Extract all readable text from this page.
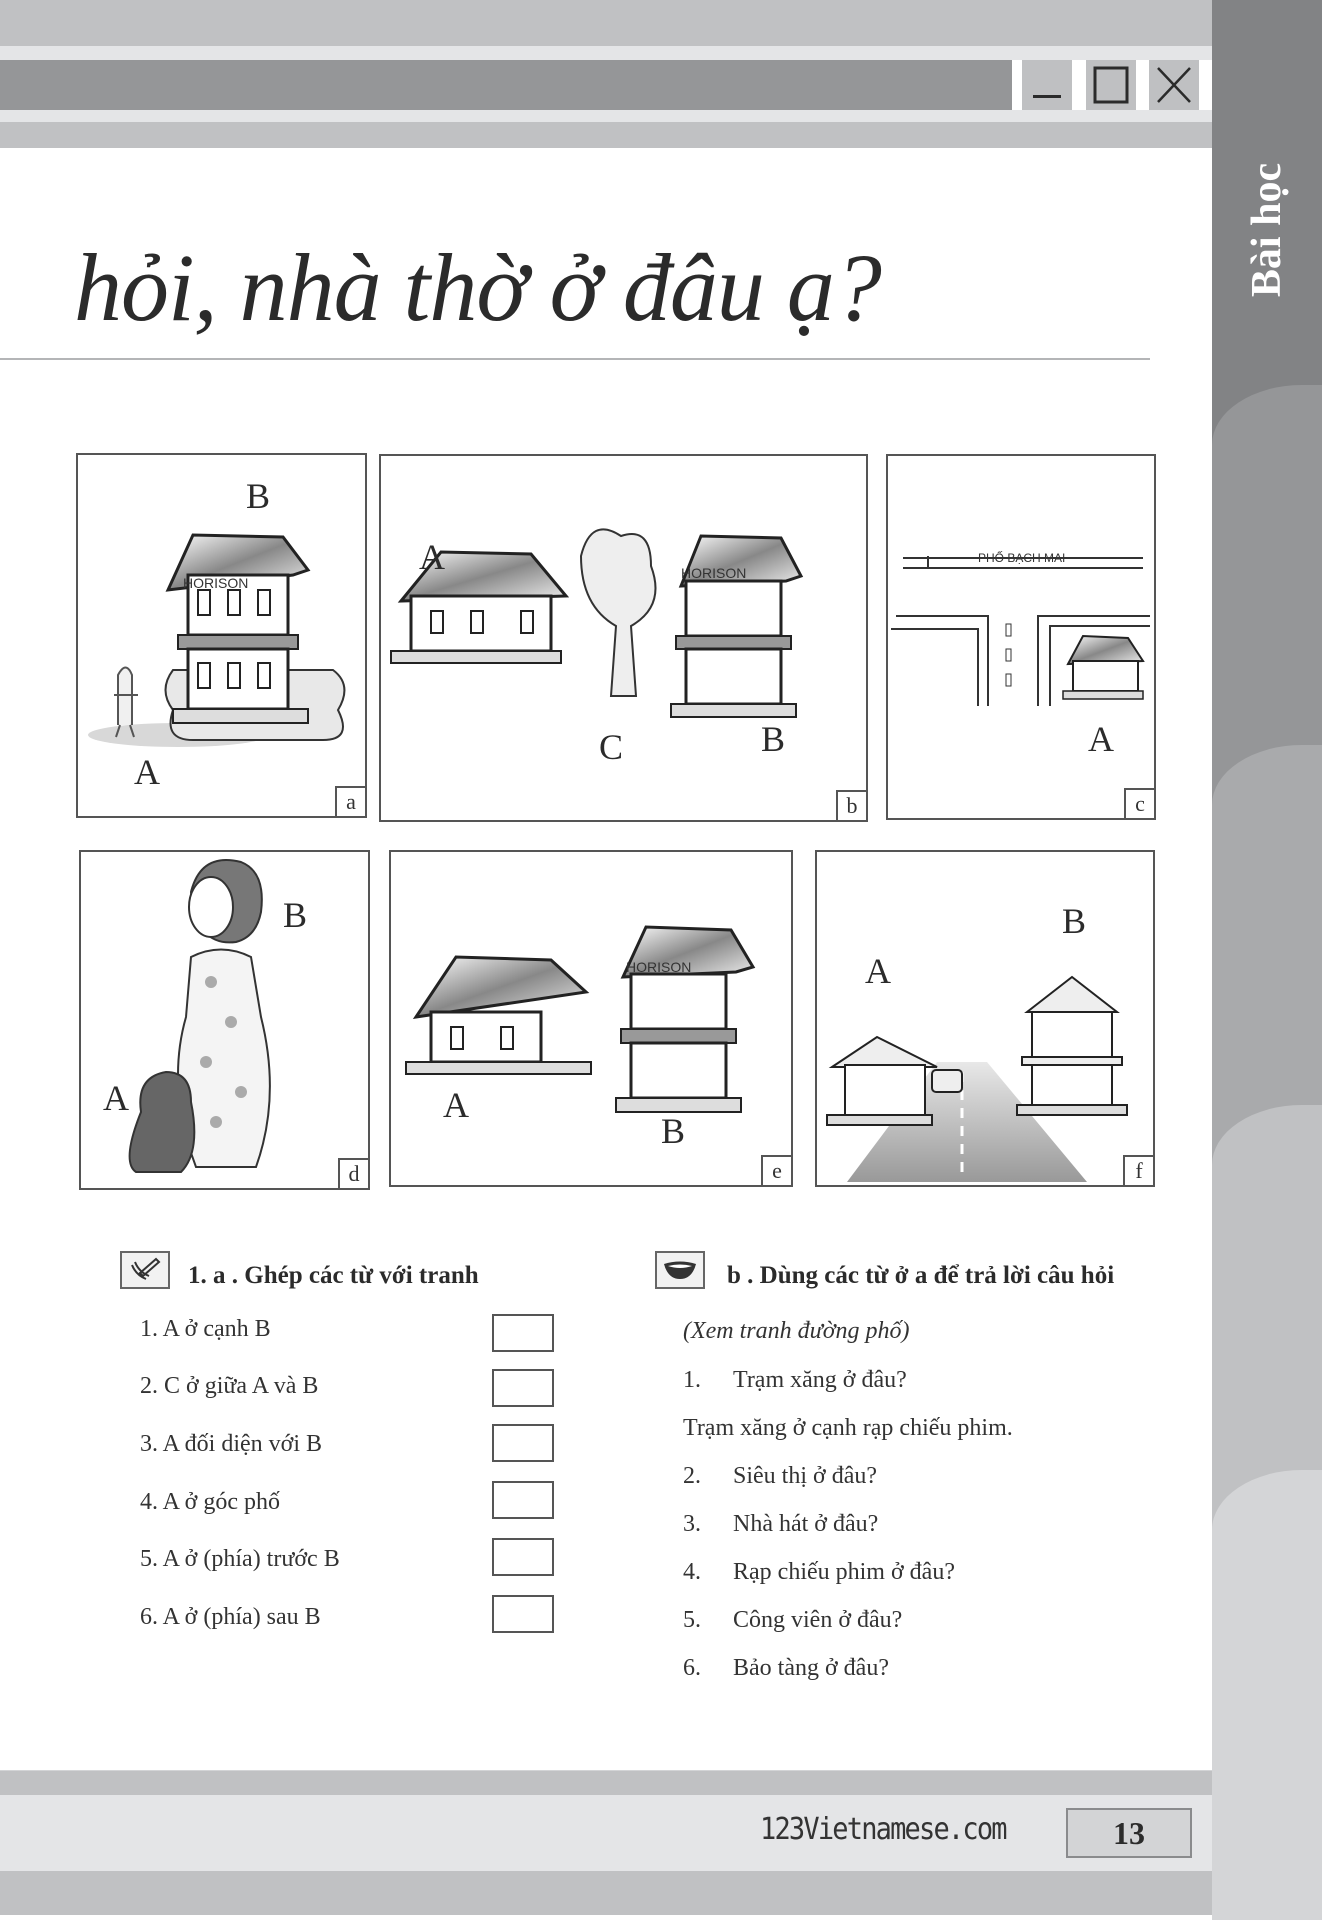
Bài học
hỏi, nhà thờ ở đâu ạ?
HORISON
B
A
a
HORISON
A
C	B
b
PHỐ BẠCH MAI
A
c
B
A
d
HORISON
A
B
e
A
B
f
1. a . Ghép các từ với tranh
1. A ở cạnh B
2. C ở giữa A và B
3. A đối diện với B
4. A ở góc phố
5. A ở (phía) trước B
6. A ở (phía) sau B
b . Dùng các từ ở a để trả lời câu hỏi
(Xem tranh đường phố)
1. Trạm xăng ở đâu?
Trạm xăng ở cạnh rạp chiếu phim.
2. Siêu thị ở đâu?
3. Nhà hát ở đâu?
4. Rạp chiếu phim ở đâu?
5. Công viên ở đâu?
6. Bảo tàng ở đâu?
123Vietnamese.com	13
